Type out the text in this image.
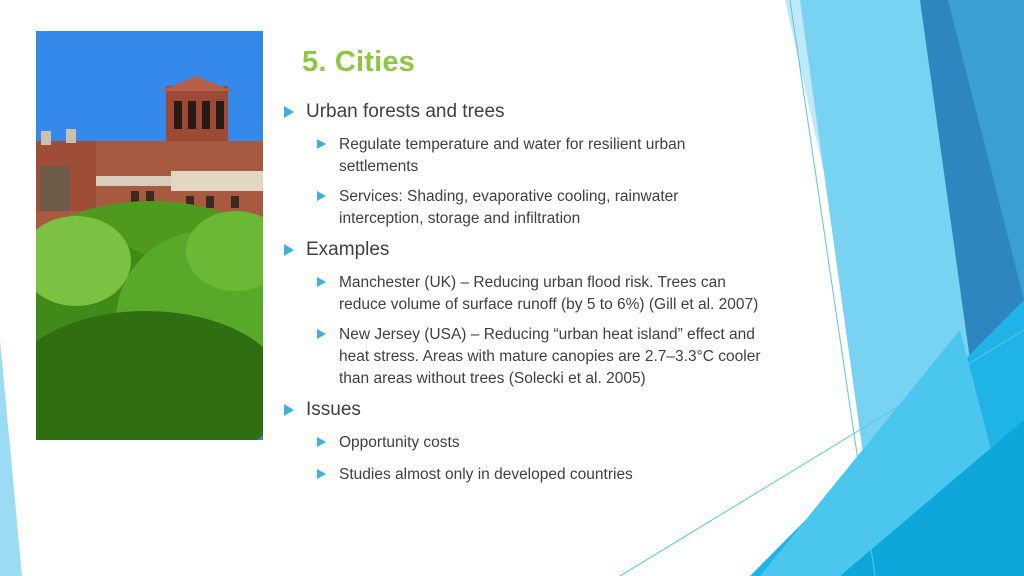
5. Cities
Urban forests and trees
Regulate temperature and water for resilient urban settlements
Services: Shading, evaporative cooling, rainwater interception, storage and infiltration
Examples
Manchester (UK) – Reducing urban flood risk. Trees can reduce volume of surface runoff (by 5 to 6%) (Gill et al. 2007)
New Jersey (USA) – Reducing “urban heat island” effect and heat stress. Areas with mature canopies are 2.7–3.3°C cooler than areas without trees (Solecki et al. 2005)
Issues
Opportunity costs
Studies almost only in developed countries
